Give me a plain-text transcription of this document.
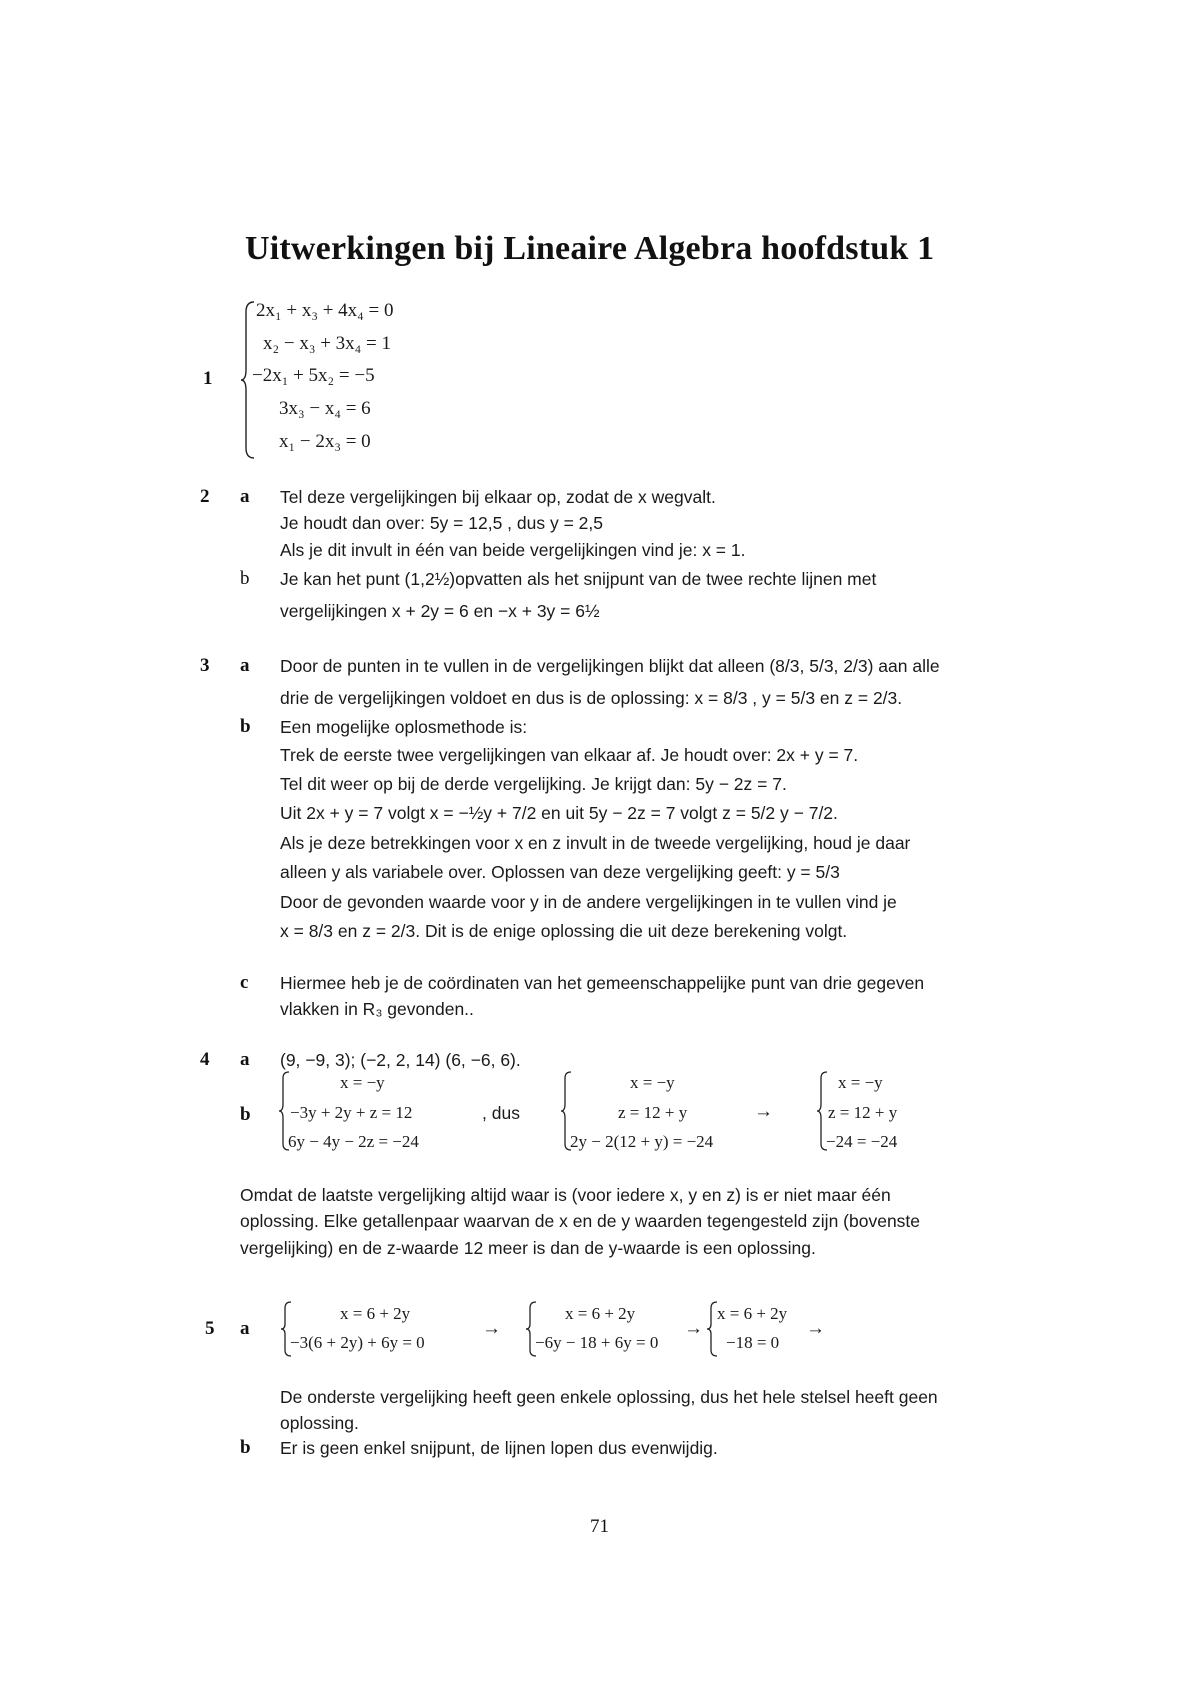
Uitwerkingen bij Lineaire Algebra hoofdstuk 1
1
2x₁ + x₃ + 4x₄ = 0
x₂ − x₃ + 3x₄ = 1
−2x₁ + 5x₂ = −5
3x₃ − x₄ = 6
x₁ − 2x₃ = 0
2 a Tel deze vergelijkingen bij elkaar op, zodat de x wegvalt.
Je houdt dan over: 5y = 12,5 , dus y = 2,5
Als je dit invult in één van beide vergelijkingen vind je: x = 1.
b Je kan het punt (1,2½)opvatten als het snijpunt van de twee rechte lijnen met
vergelijkingen x + 2y = 6 en −x + 3y = 6½
3 a Door de punten in te vullen in de vergelijkingen blijkt dat alleen (8/3, 5/3, 2/3) aan alle
drie de vergelijkingen voldoet en dus is de oplossing: x = 8/3 , y = 5/3 en z = 2/3.
b Een mogelijke oplosmethode is:
Trek de eerste twee vergelijkingen van elkaar af. Je houdt over: 2x + y = 7.
Tel dit weer op bij de derde vergelijking. Je krijgt dan: 5y − 2z = 7.
Uit 2x + y = 7 volgt x = −½y + 7/2 en uit 5y − 2z = 7 volgt z = 5/2 y − 7/2.
Als je deze betrekkingen voor x en z invult in de tweede vergelijking, houd je daar
alleen y als variabele over. Oplossen van deze vergelijking geeft: y = 5/3
Door de gevonden waarde voor y in de andere vergelijkingen in te vullen vind je
x = 8/3 en z = 2/3. Dit is de enige oplossing die uit deze berekening volgt.
c Hiermee heb je de coördinaten van het gemeenschappelijke punt van drie gegeven
vlakken in R₃ gevonden..
4 a (9, −9, 3); (−2, 2, 14) (6, −6, 6).
b
x = −y
−3y + 2y + z = 12
6y − 4y − 2z = −24
, dus
x = −y
z = 12 + y
2y − 2(12 + y) = −24
→
x = −y
z = 12 + y
−24 = −24
Omdat de laatste vergelijking altijd waar is (voor iedere x, y en z) is er niet maar één
oplossing. Elke getallenpaar waarvan de x en de y waarden tegengesteld zijn (bovenste
vergelijking) en de z-waarde 12 meer is dan de y-waarde is een oplossing.
5 a
x = 6 + 2y
−3(6 + 2y) + 6y = 0
→
x = 6 + 2y
−6y − 18 + 6y = 0
→
x = 6 + 2y
−18 = 0
→
De onderste vergelijking heeft geen enkele oplossing, dus het hele stelsel heeft geen
oplossing.
b Er is geen enkel snijpunt, de lijnen lopen dus evenwijdig.
71
